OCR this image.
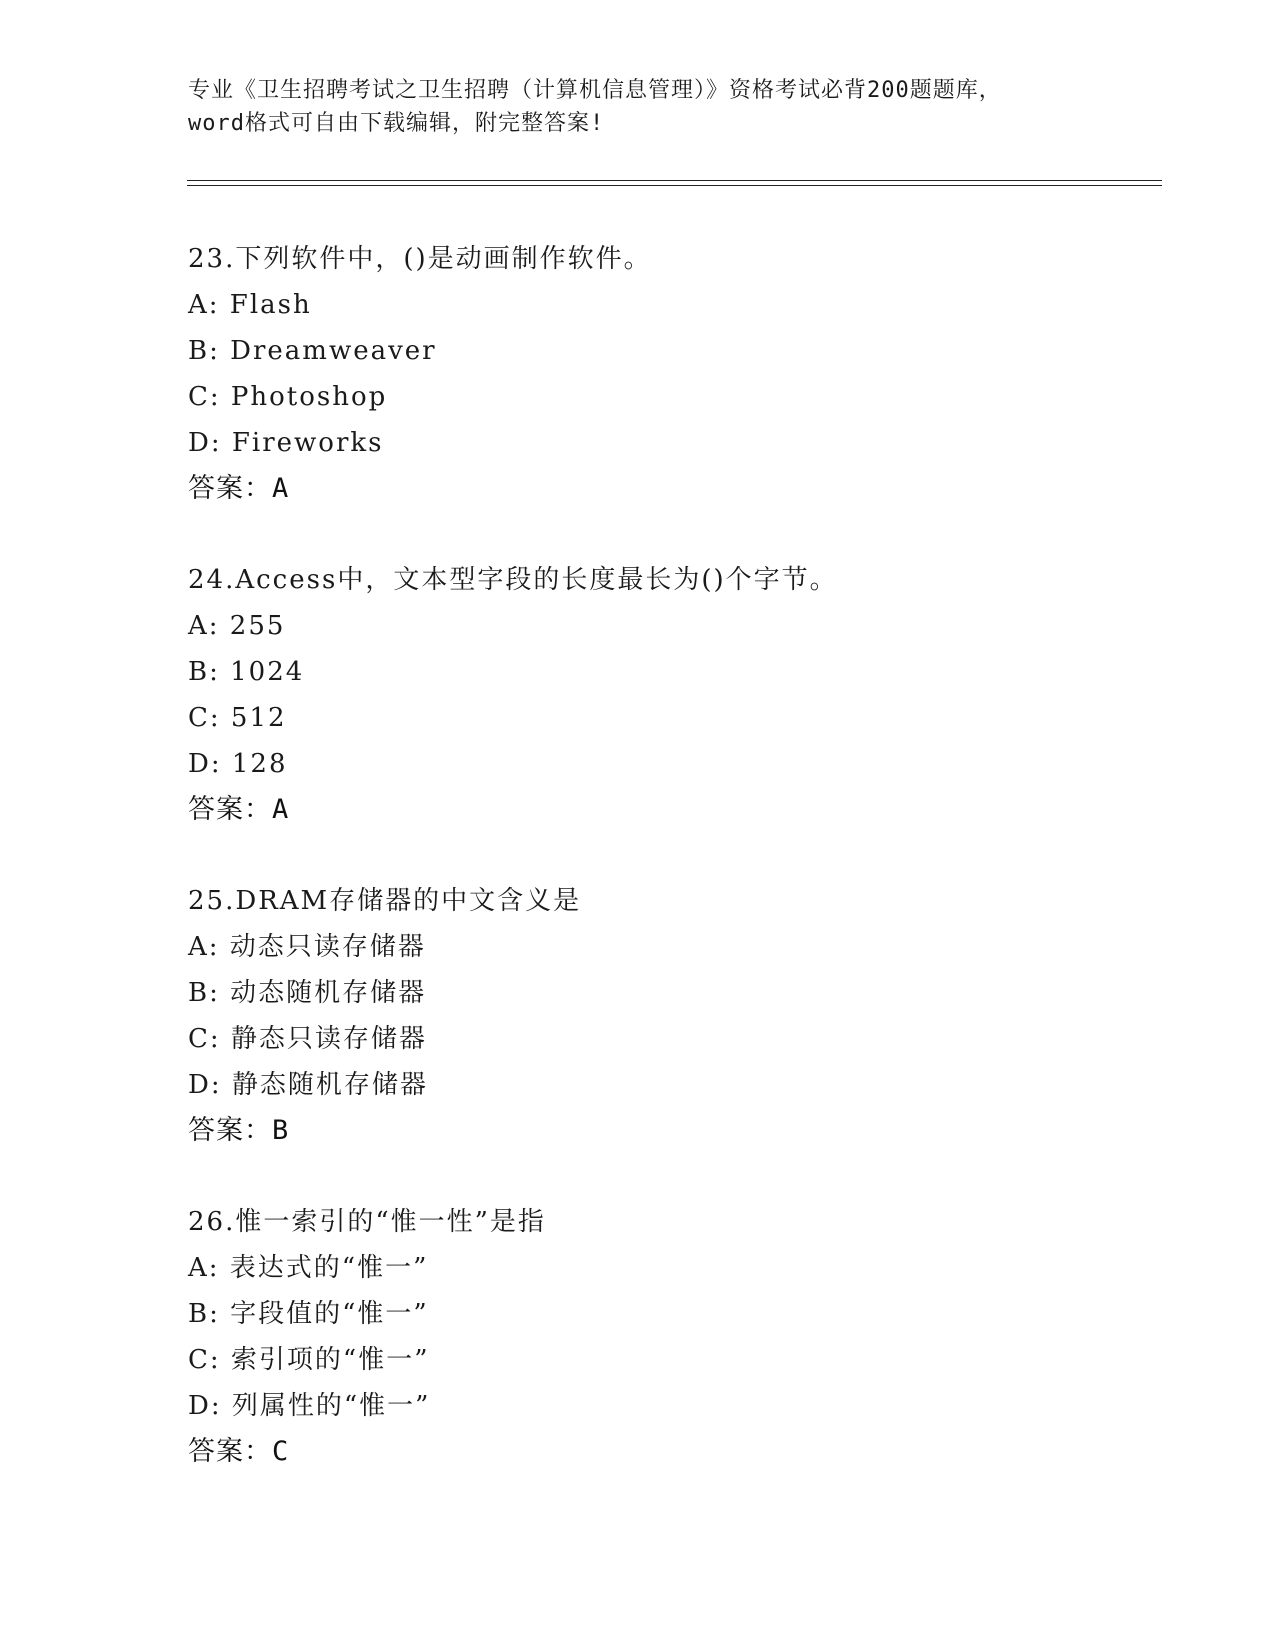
专业《卫生招聘考试之卫生招聘（计算机信息管理）》资格考试必背200题题库，
word格式可自由下载编辑，附完整答案!
23.下列软件中，()是动画制作软件。
A: Flash
B: Dreamweaver
C: Photoshop
D: Fireworks
答案：A
24.Access中，文本型字段的长度最长为()个字节。
A: 255
B: 1024
C: 512
D: 128
答案：A
25.DRAM存储器的中文含义是
A: 动态只读存储器
B: 动态随机存储器
C: 静态只读存储器
D: 静态随机存储器
答案：B
26.惟一索引的“惟一性”是指
A: 表达式的“惟一”
B: 字段值的“惟一”
C: 索引项的“惟一”
D: 列属性的“惟一”
答案：C
